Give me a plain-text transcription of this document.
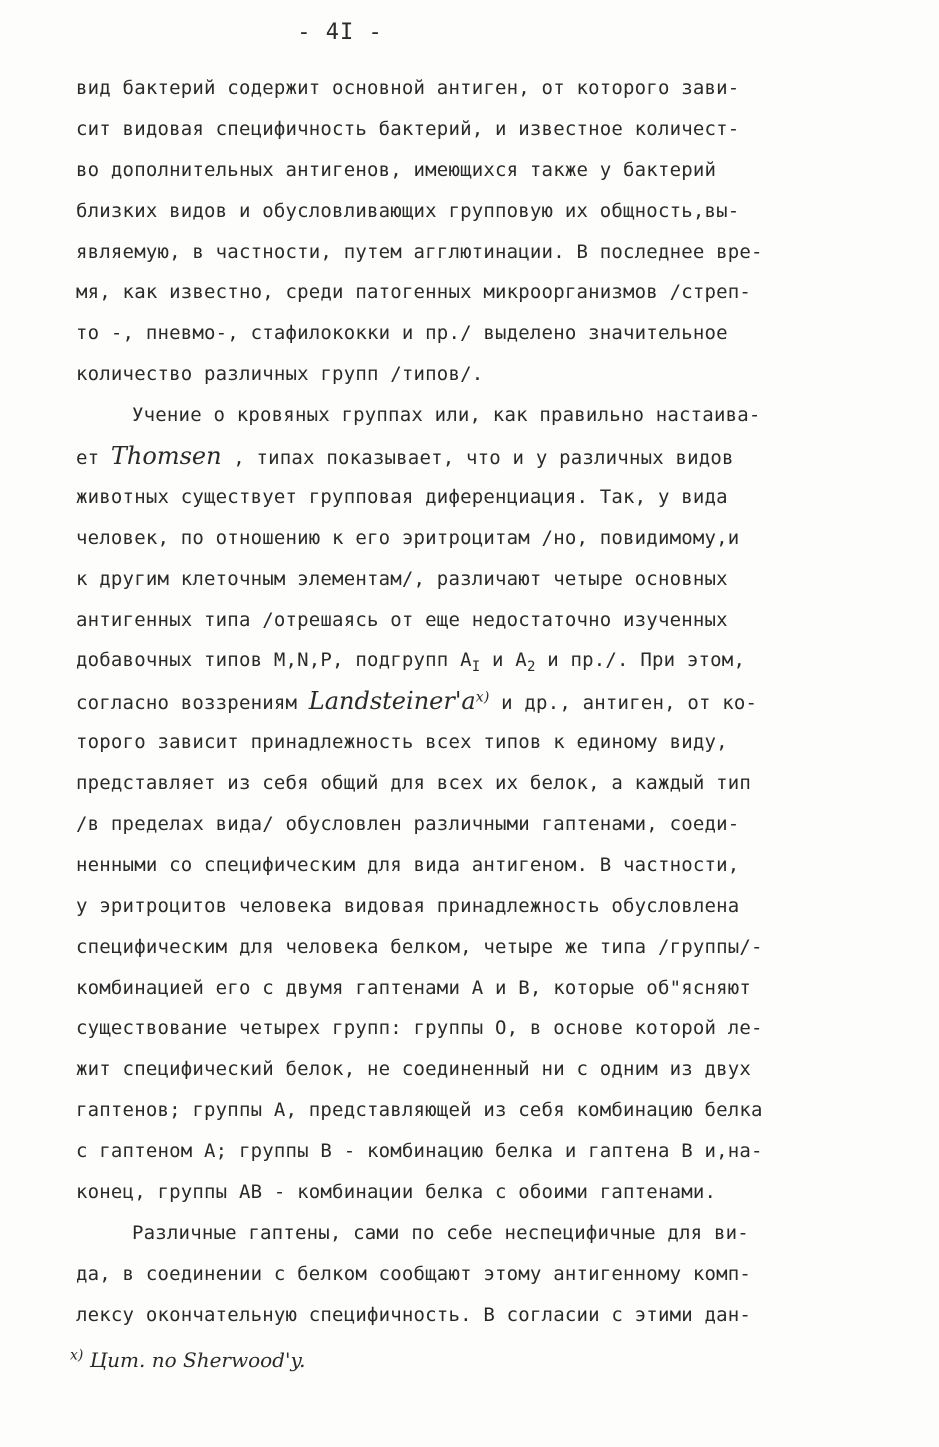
- 4I -
вид бактерий содержит основной антиген, от которого зави-
сит видовая специфичность бактерий, и известное количест-
во дополнительных антигенов, имеющихся также у бактерий
близких видов и обусловливающих групповую их общность,вы-
являемую, в частности, путем агглютинации. В последнее вре-
мя, как известно, среди патогенных микроорганизмов /стреп-
то -, пневмо-, стафилококки и пр./ выделено значительное
количество различных групп /типов/.
Учение о кровяных группах или, как правильно настаива-
ет Thomsen , типах показывает, что и у различных видов
животных существует групповая диференциация. Так, у вида
человек, по отношению к его эритроцитам /но, повидимому,и
к другим клеточным элементам/, различают четыре основных
антигенных типа /отрешаясь от еще недостаточно изученных
добавочных типов M,N,P, подгрупп $A_I$ и $A_2$ и пр./. При этом,
согласно воззрениям $Landsteiner'a^{x)}$ и др., антиген, от ко-
торого зависит принадлежность всех типов к единому виду,
представляет из себя общий для всех их белок, а каждый тип
/в пределах вида/ обусловлен различными гаптенами, соеди-
ненными со специфическим для вида антигеном. В частности,
у эритроцитов человека видовая принадлежность обусловлена
специфическим для человека белком, четыре же типа /группы/-
комбинацией его с двумя гаптенами A и B, которые об"ясняют
существование четырех групп: группы O, в основе которой ле-
жит специфический белок, не соединенный ни с одним из двух
гаптенов; группы A, представляющей из себя комбинацию белка
с гаптеном A; группы B - комбинацию белка и гаптена B и,на-
конец, группы AB - комбинации белка с обоими гаптенами.
Различные гаптены, сами по себе неспецифичные для ви-
да, в соединении с белком сообщают этому антигенному комп-
лексу окончательную специфичность. В согласии с этими дан-
$^{x)}$ Цит. по Sherwood'y.
